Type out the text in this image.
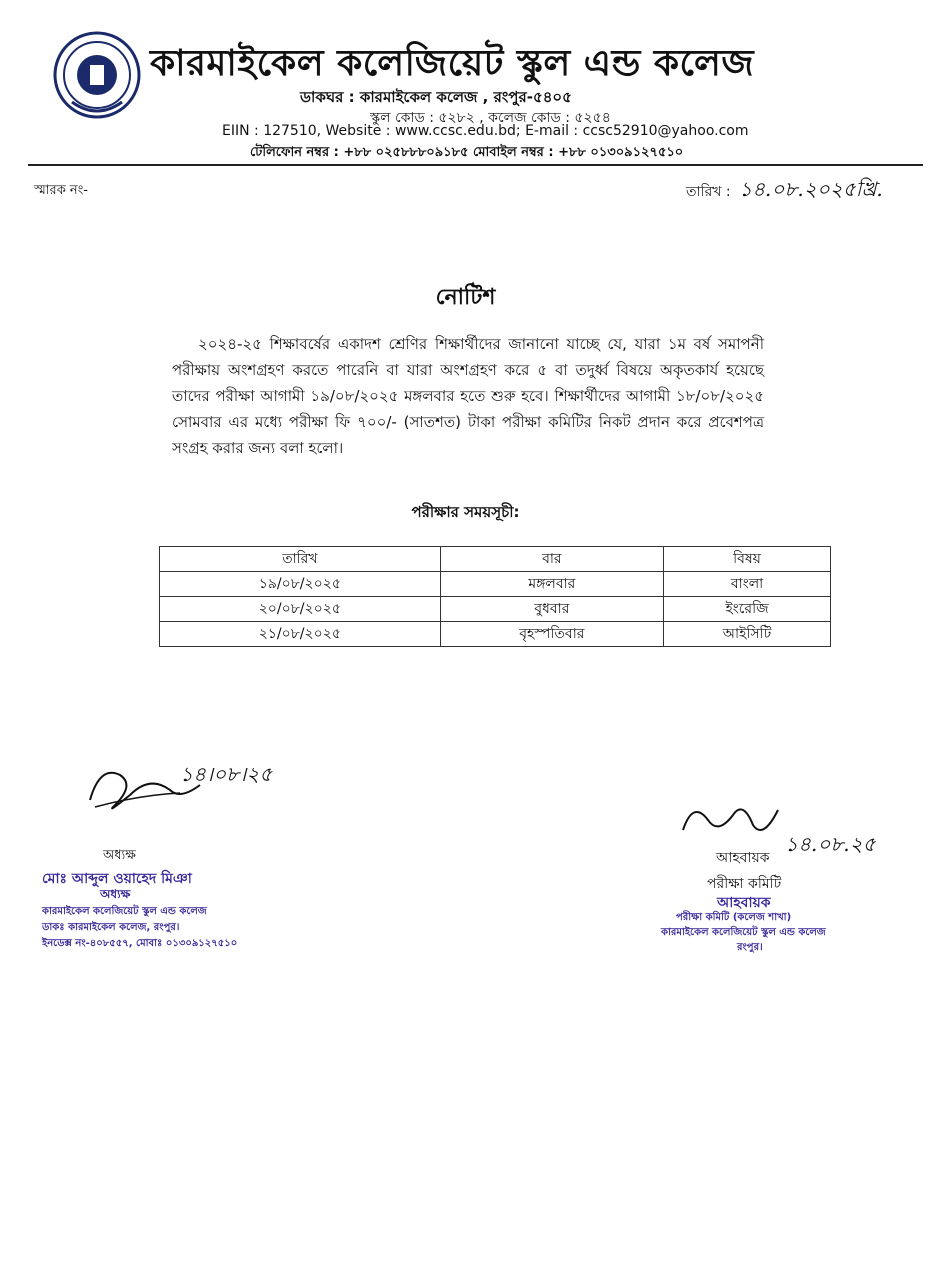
কারমাইকেল কলেজিয়েট স্কুল এন্ড কলেজ
ডাকঘর : কারমাইকেল কলেজ , রংপুর-৫৪০৫
স্কুল কোড : ৫২৮২ , কলেজ কোড : ৫২৫৪
EIIN : 127510, Website : www.ccsc.edu.bd; E-mail : ccsc52910@yahoo.com
টেলিফোন নম্বর : +৮৮ ০২৫৮৮৮০৯১৮৫ মোবাইল নম্বর : +৮৮ ০১৩০৯১২৭৫১০
স্মারক নং-	তারিখ : ১৪.০৮.২০২৫খ্রি.
নোটিশ
২০২৪-২৫ শিক্ষাবর্ষের একাদশ শ্রেণির শিক্ষার্থীদের জানানো যাচ্ছে যে, যারা ১ম বর্ষ সমাপনী পরীক্ষায় অংশগ্রহণ করতে পারেনি বা যারা অংশগ্রহণ করে ৫ বা তদুর্ধ্ব বিষয়ে অকৃতকার্য হয়েছে তাদের পরীক্ষা আগামী ১৯/০৮/২০২৫ মঙ্গলবার হতে শুরু হবে। শিক্ষার্থীদের আগামী ১৮/০৮/২০২৫ সোমবার এর মধ্যে পরীক্ষা ফি ৭০০/- (সাতশত) টাকা পরীক্ষা কমিটির নিকট প্রদান করে প্রবেশপত্র সংগ্রহ করার জন্য বলা হলো।
পরীক্ষার সময়সূচী:
তারিখ	বার	বিষয়
১৯/০৮/২০২৫	মঙ্গলবার	বাংলা
২০/০৮/২০২৫	বুধবার	ইংরেজি
২১/০৮/২০২৫	বৃহস্পতিবার	আইসিটি
১৪।০৮।২৫
অধ্যক্ষ
মোঃ আব্দুল ওয়াহেদ মিঞা
অধ্যক্ষ
কারমাইকেল কলেজিয়েট স্কুল এন্ড কলেজ
ডাকঃ কারমাইকেল কলেজ, রংপুর।
ইনডেক্স নং-৪০৮৫৫৭, মোবাঃ ০১৩০৯১২৭৫১০
১৪.০৮.২৫
আহবায়ক
পরীক্ষা কমিটি
আহবায়ক
পরীক্ষা কমিটি (কলেজ শাখা)
কারমাইকেল কলেজিয়েট স্কুল এন্ড কলেজ
রংপুর।
